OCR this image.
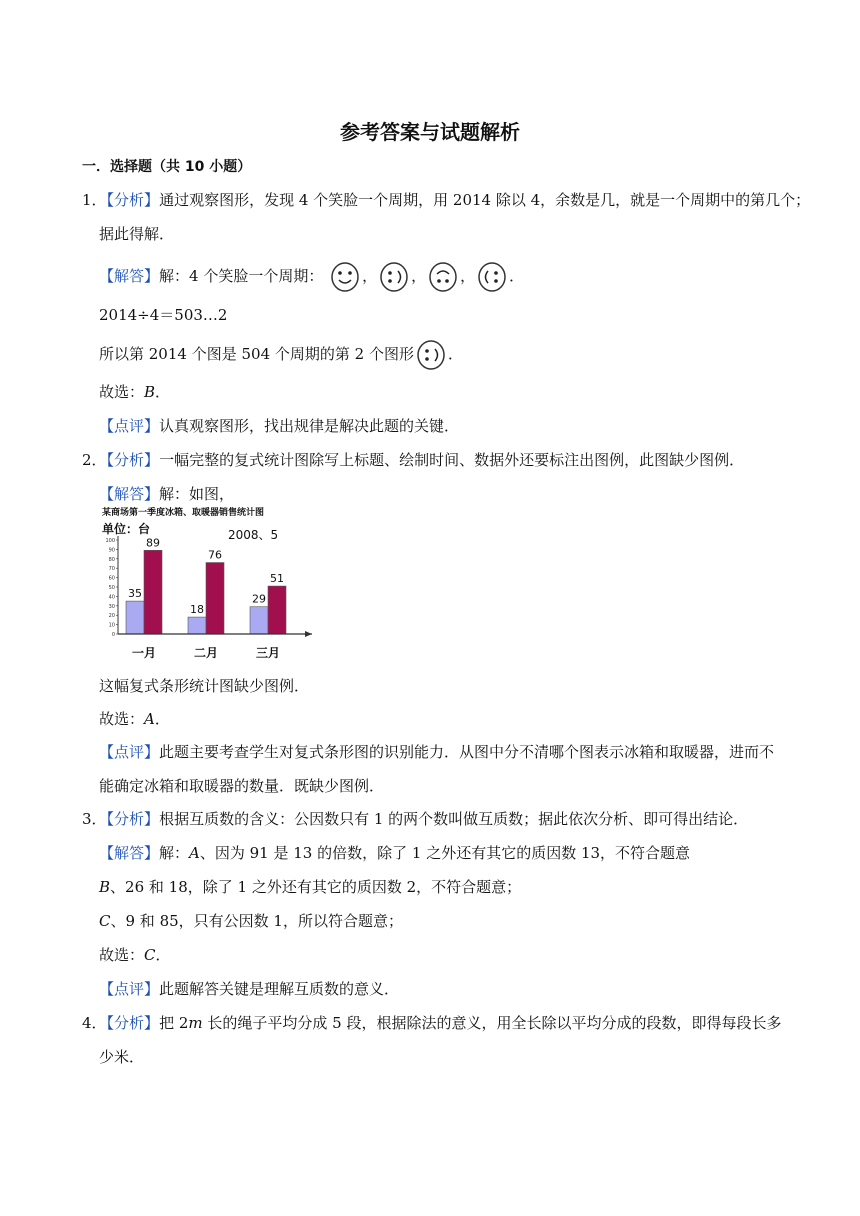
参考答案与试题解析
一．选择题（共 10 小题）
1．【分析】通过观察图形，发现 4 个笑脸一个周期，用 2014 除以 4，余数是几，就是一个周期中的第几个；
据此得解．
【解答】解：4 个笑脸一个周期：	， ， ， ．
2014÷4＝503…2
所以第 2014 个图是 504 个周期的第 2 个图形 ．
故选：B．
【点评】认真观察图形，找出规律是解决此题的关键．
2．【分析】一幅完整的复式统计图除写上标题、绘制时间、数据外还要标注出图例，此图缺少图例．
【解答】解：如图，
某商场第一季度冰箱、取暖器销售统计图
单位：台	2008、5
0
10
20
30
40
50
60
70
80
90
100
35
89
18
76
29
51
一月	二月	三月
这幅复式条形统计图缺少图例．
故选：A．
【点评】此题主要考查学生对复式条形图的识别能力．从图中分不清哪个图表示冰箱和取暖器，进而不
能确定冰箱和取暖器的数量．既缺少图例．
3．【分析】根据互质数的含义：公因数只有 1 的两个数叫做互质数；据此依次分析、即可得出结论．
【解答】解：A、因为 91 是 13 的倍数，除了 1 之外还有其它的质因数 13，不符合题意
B、26 和 18，除了 1 之外还有其它的质因数 2，不符合题意；
C、9 和 85，只有公因数 1，所以符合题意；
故选：C．
【点评】此题解答关键是理解互质数的意义．
4．【分析】把 2m 长的绳子平均分成 5 段，根据除法的意义，用全长除以平均分成的段数，即得每段长多
少米．
